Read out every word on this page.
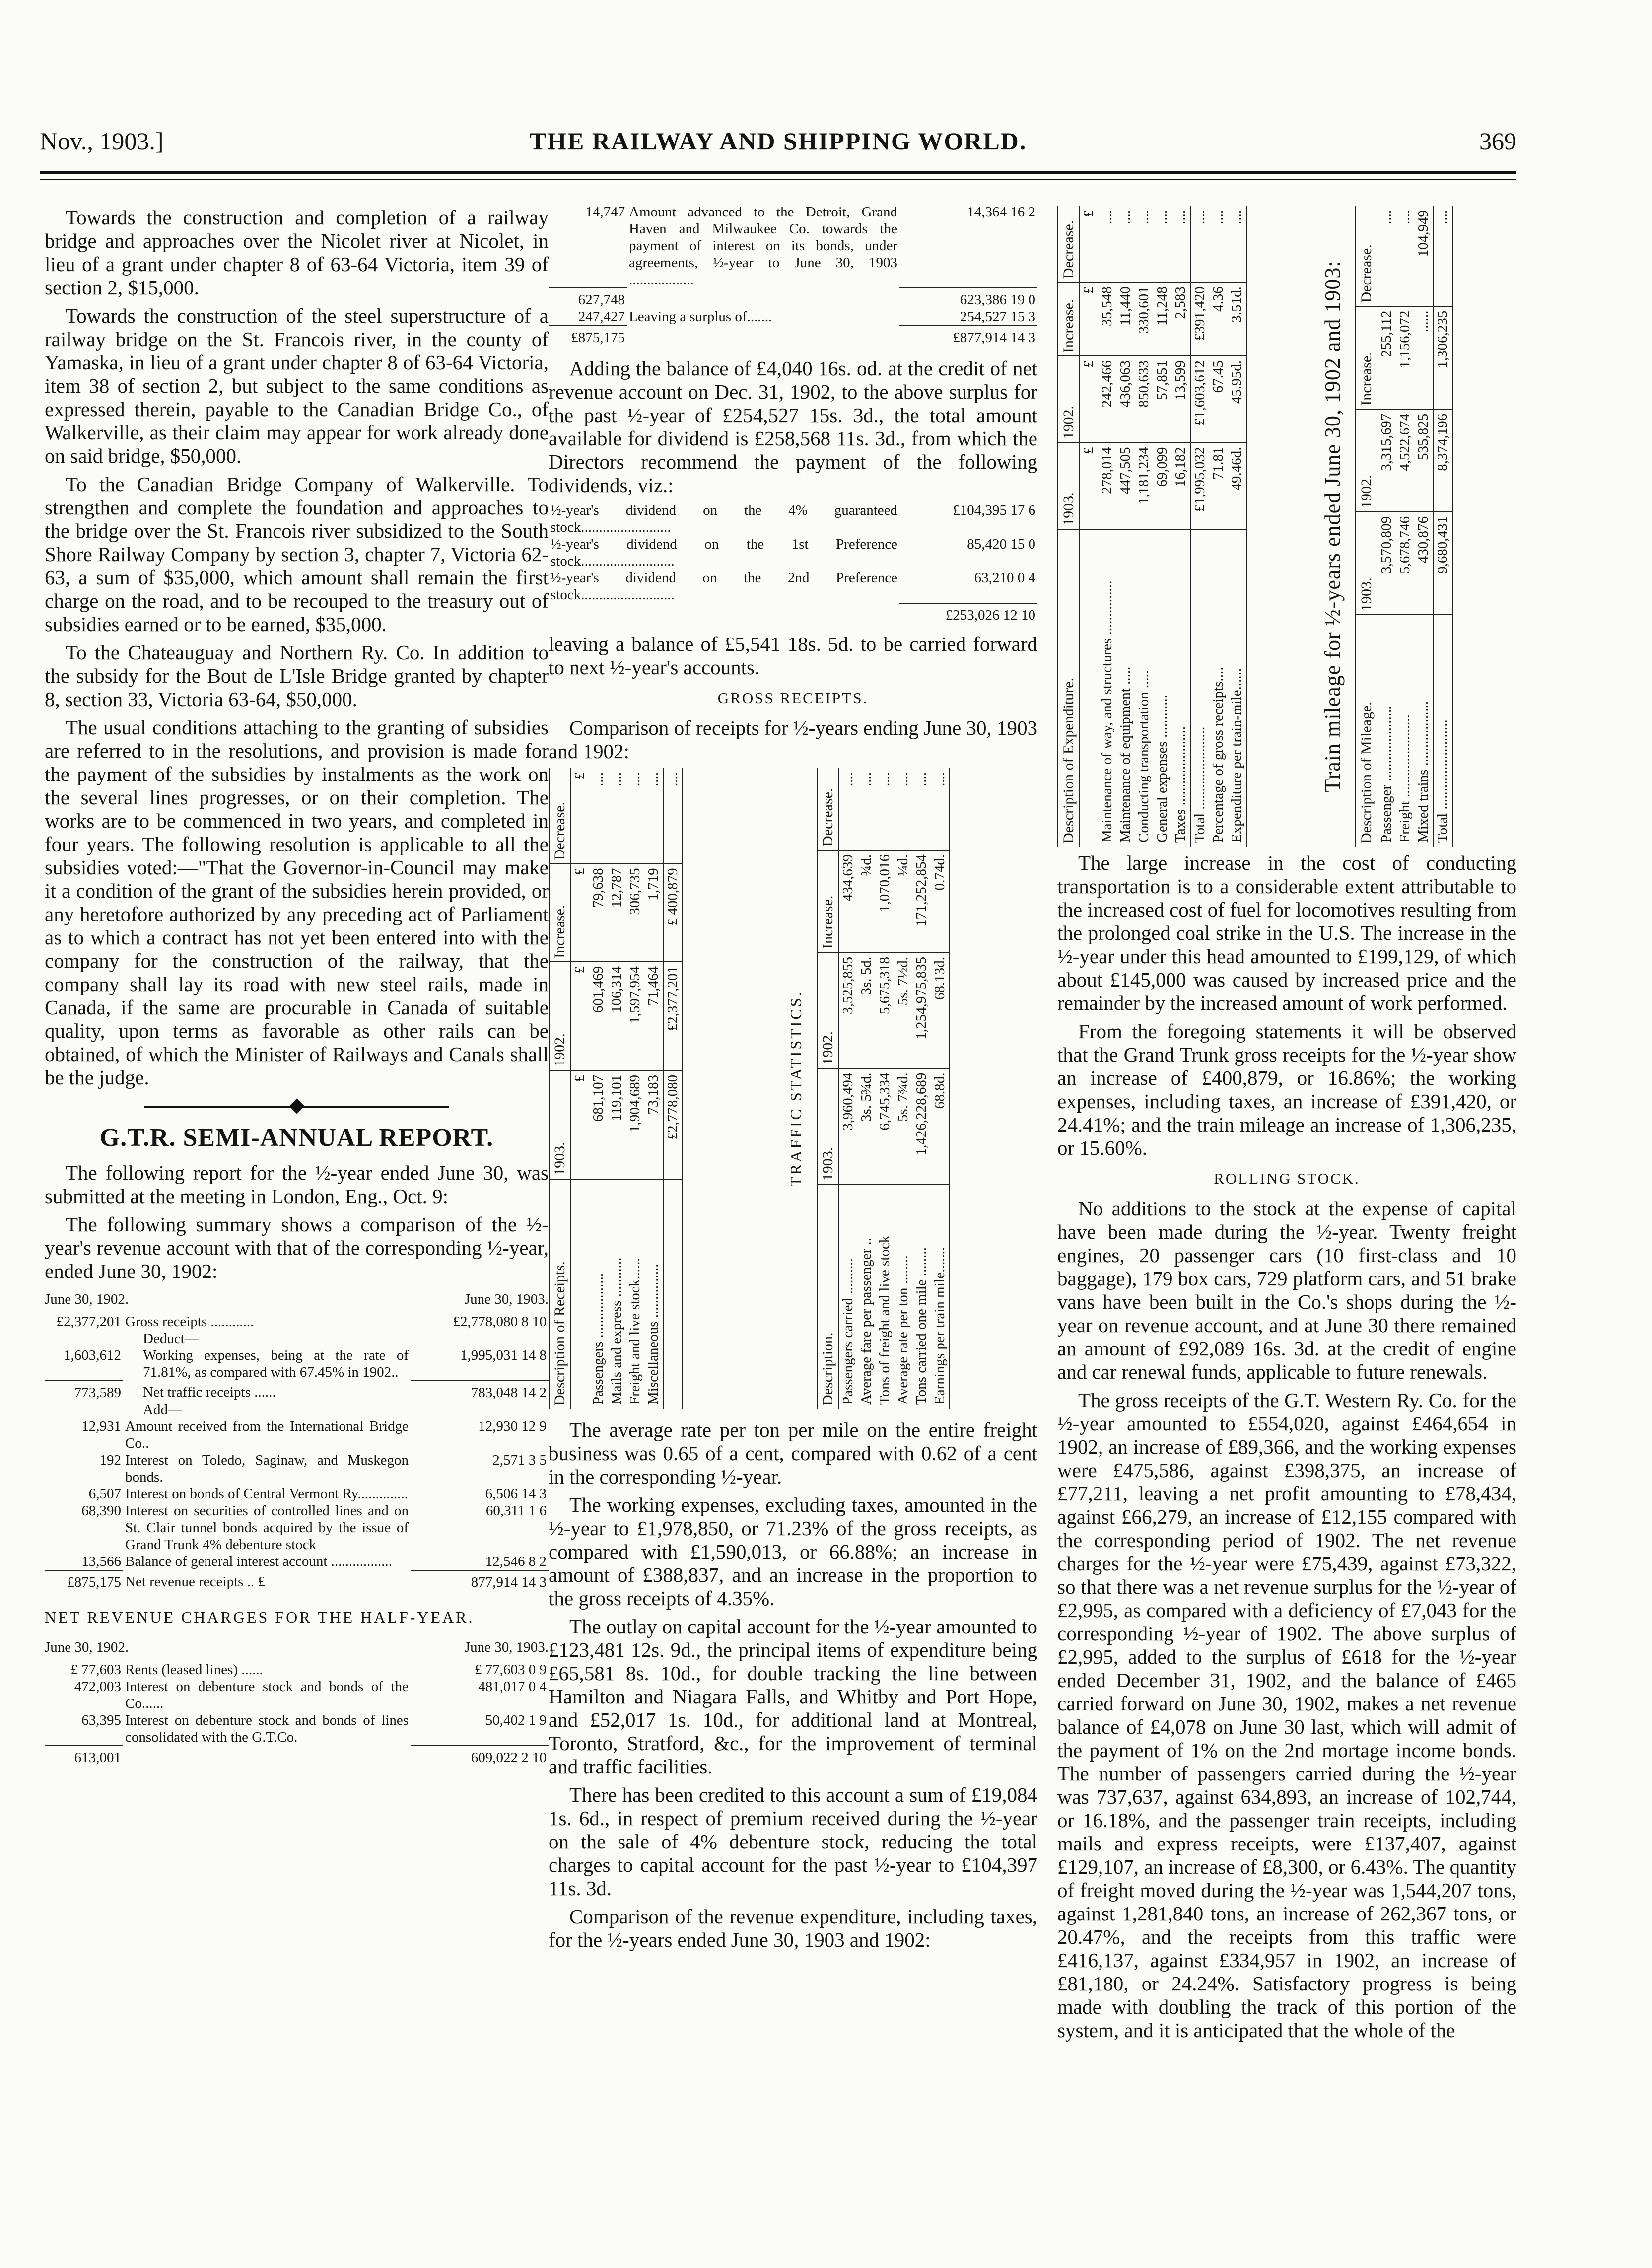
Nov., 1903.]	THE RAILWAY AND SHIPPING WORLD.	369

Towards the construction and completion of a railway bridge and approaches over the Nicolet river at Nicolet, in lieu of a grant under chapter 8 of 63-64 Victoria, item 39 of section 2, $15,000.

Towards the construction of the steel superstructure of a railway bridge on the St. Francois river, in the county of Yamaska, in lieu of a grant under chapter 8 of 63-64 Victoria, item 38 of section 2, but subject to the same conditions as expressed therein, payable to the Canadian Bridge Co., of Walkerville, as their claim may appear for work already done on said bridge, $50,000.

To the Canadian Bridge Company of Walkerville. To strengthen and complete the foundation and approaches to the bridge over the St. Francois river subsidized to the South Shore Railway Company by section 3, chapter 7, Victoria 62-63, a sum of $35,000, which amount shall remain the first charge on the road, and to be recouped to the treasury out of subsidies earned or to be earned, $35,000.

To the Chateauguay and Northern Ry. Co. In addition to the subsidy for the Bout de L'Isle Bridge granted by chapter 8, section 33, Victoria 63-64, $50,000.

The usual conditions attaching to the granting of subsidies are referred to in the resolutions, and provision is made for the payment of the subsidies by instalments as the work on the several lines progresses, or on their completion. The works are to be commenced in two years, and completed in four years. The following resolution is applicable to all the subsidies voted:—"That the Governor-in-Council may make it a condition of the grant of the subsidies herein provided, or any heretofore authorized by any preceding act of Parliament as to which a contract has not yet been entered into with the company for the construction of the railway, that the company shall lay its road with new steel rails, made in Canada, if the same are procurable in Canada of suitable quality, upon terms as favorable as other rails can be obtained, of which the Minister of Railways and Canals shall be the judge.

G.T.R. SEMI-ANNUAL REPORT.

The following report for the ½-year ended June 30, was submitted at the meeting in London, Eng., Oct. 9:

The following summary shows a comparison of the ½-year's revenue account with that of the corresponding ½-year, ended June 30, 1902:

June 30, 1902.	June 30, 1903.
£2,377,201	Gross receipts ............	£2,778,080 8 10
	Deduct—	
1,603,612	Working expenses, being at the rate of 71.81%, as compared with 67.45% in 1902..	1,995,031 14 8
773,589	Net traffic receipts ......	783,048 14 2
	Add—	
12,931	Amount received from the International Bridge Co..	12,930 12 9
192	Interest on Toledo, Saginaw, and Muskegon bonds.	2,571 3 5
6,507	Interest on bonds of Central Vermont Ry..............	6,506 14 3
68,390	Interest on securities of controlled lines and on St. Clair tunnel bonds acquired by the issue of Grand Trunk 4% debenture stock	60,311 1 6
13,566	Balance of general interest account .................	12,546 8 2
£875,175	Net revenue receipts .. £	877,914 14 3
NET REVENUE CHARGES FOR THE HALF-YEAR.
June 30, 1902.	June 30, 1903.
£ 77,603	Rents (leased lines) ......	£ 77,603 0 9
472,003	Interest on debenture stock and bonds of the Co......	481,017 0 4
63,395	Interest on debenture stock and bonds of lines consolidated with the G.T.Co.	50,402 1 9
613,001		609,022 2 10
14,747	Amount advanced to the Detroit, Grand Haven and Milwaukee Co. towards the payment of interest on its bonds, under agreements, ½-year to June 30, 1903 ..................	14,364 16 2
627,748		623,386 19 0
247,427	Leaving a surplus of.......	254,527 15 3
£875,175		£877,914 14 3

Adding the balance of £4,040 16s. od. at the credit of net revenue account on Dec. 31, 1902, to the above surplus for the past ½-year of £254,527 15s. 3d., the total amount available for dividend is £258,568 11s. 3d., from which the Directors recommend the payment of the following dividends, viz.:

½-year's dividend on the 4% guaranteed stock.........................	£104,395 17 6
½-year's dividend on the 1st Preference stock..........................	85,420 15 0
½-year's dividend on the 2nd Preference stock..........................	63,210 0 4
	£253,026 12 10

leaving a balance of £5,541 18s. 5d. to be carried forward to next ½-year's accounts.

GROSS RECEIPTS.

Comparison of receipts for ½-years ending June 30, 1903 and 1902:

Description of Receipts.	1903.	1902.	Increase.	Decrease.
	£	£	£	£
Passengers ..................	681,107	601,469	79,638	....
Mails and express ...........	119,101	106,314	12,787	....
Freight and live stock......	1,904,689	1,597,954	306,735	....
Miscellaneous ...............	73,183	71,464	1,719	....
	£2,778,080	£2,377,201	£ 400,879	....
TRAFFIC STATISTICS.
Description.	1903.	1902.	Increase.	Decrease.
Passengers carried ..........	3,960,494	3,525,855	434,639	....
Average fare per passenger ..	3s. 5¾d.	3s. 5d.	¾d.	....
Tons of freight and live stock	6,745,334	5,675,318	1,070,016	....
Average rate per ton ........	5s. 7¾d.	5s. 7½d.	¼d.	....
Tons carried one mile ........	1,426,228,689	1,254,975,835	171,252,854	....
Earnings per train mile.......	68.8d.	68.13d.	0.74d.	....

The average rate per ton per mile on the entire freight business was 0.65 of a cent, compared with 0.62 of a cent in the corresponding ½-year.

The working expenses, excluding taxes, amounted in the ½-year to £1,978,850, or 71.23% of the gross receipts, as compared with £1,590,013, or 66.88%; an increase in amount of £388,837, and an increase in the proportion to the gross receipts of 4.35%.

The outlay on capital account for the ½-year amounted to £123,481 12s. 9d., the principal items of expenditure being £65,581 8s. 10d., for double tracking the line between Hamilton and Niagara Falls, and Whitby and Port Hope, and £52,017 1s. 10d., for additional land at Montreal, Toronto, Stratford, &c., for the improvement of terminal and traffic facilities.

There has been credited to this account a sum of £19,084 1s. 6d., in respect of premium received during the ½-year on the sale of 4% debenture stock, reducing the total charges to capital account for the past ½-year to £104,397 11s. 3d.

Comparison of the revenue expenditure, including taxes, for the ½-years ended June 30, 1903 and 1902:

Description of Expenditure.	1903.	1902.	Increase.	Decrease.
	£	£	£	£
Maintenance of way, and structures ...............	278,014	242,466	35,548	....
Maintenance of equipment .....	447,505	436,063	11,440	....
Conducting transportation .....	1,181,234	850,633	330,601	....
General expenses ............	69,099	57,851	11,248	....
Taxes ......................	16,182	13,599	2,583	....
Total .......................	£1,995,032	£1,603,612	£391,420	....
Percentage of gross receipts....	71.81	67.45	4.36	....
Expenditure per train-mile......	49.46d.	45.95d.	3.51d.	....
Train mileage for ½-years ended June 30, 1902 and 1903: Description of Mileage.	1903.	1902.	Increase.	Decrease.
Passenger .....................	3,570,809	3,315,697	255,112	....
Freight .......................	5,678,746	4,522,674	1,156,072	....
Mixed trains ..................	430,876	535,825	......	104,949
Total .........................	9,680,431	8,374,196	1,306,235	....

The large increase in the cost of conducting transportation is to a considerable extent attributable to the increased cost of fuel for locomotives resulting from the prolonged coal strike in the U.S. The increase in the ½-year under this head amounted to £199,129, of which about £145,000 was caused by increased price and the remainder by the increased amount of work performed.

From the foregoing statements it will be observed that the Grand Trunk gross receipts for the ½-year show an increase of £400,879, or 16.86%; the working expenses, including taxes, an increase of £391,420, or 24.41%; and the train mileage an increase of 1,306,235, or 15.60%.

ROLLING STOCK.

No additions to the stock at the expense of capital have been made during the ½-year. Twenty freight engines, 20 passenger cars (10 first-class and 10 baggage), 179 box cars, 729 platform cars, and 51 brake vans have been built in the Co.'s shops during the ½-year on revenue account, and at June 30 there remained an amount of £92,089 16s. 3d. at the credit of engine and car renewal funds, applicable to future renewals.

The gross receipts of the G.T. Western Ry. Co. for the ½-year amounted to £554,020, against £464,654 in 1902, an increase of £89,366, and the working expenses were £475,586, against £398,375, an increase of £77,211, leaving a net profit amounting to £78,434, against £66,279, an increase of £12,155 compared with the corresponding period of 1902. The net revenue charges for the ½-year were £75,439, against £73,322, so that there was a net revenue surplus for the ½-year of £2,995, as compared with a deficiency of £7,043 for the corresponding ½-year of 1902. The above surplus of £2,995, added to the surplus of £618 for the ½-year ended December 31, 1902, and the balance of £465 carried forward on June 30, 1902, makes a net revenue balance of £4,078 on June 30 last, which will admit of the payment of 1% on the 2nd mortage income bonds. The number of passengers carried during the ½-year was 737,637, against 634,893, an increase of 102,744, or 16.18%, and the passenger train receipts, including mails and express receipts, were £137,407, against £129,107, an increase of £8,300, or 6.43%. The quantity of freight moved during the ½-year was 1,544,207 tons, against 1,281,840 tons, an increase of 262,367 tons, or 20.47%, and the receipts from this traffic were £416,137, against £334,957 in 1902, an increase of £81,180, or 24.24%. Satisfactory progress is being made with doubling the track of this portion of the system, and it is anticipated that the whole of the
